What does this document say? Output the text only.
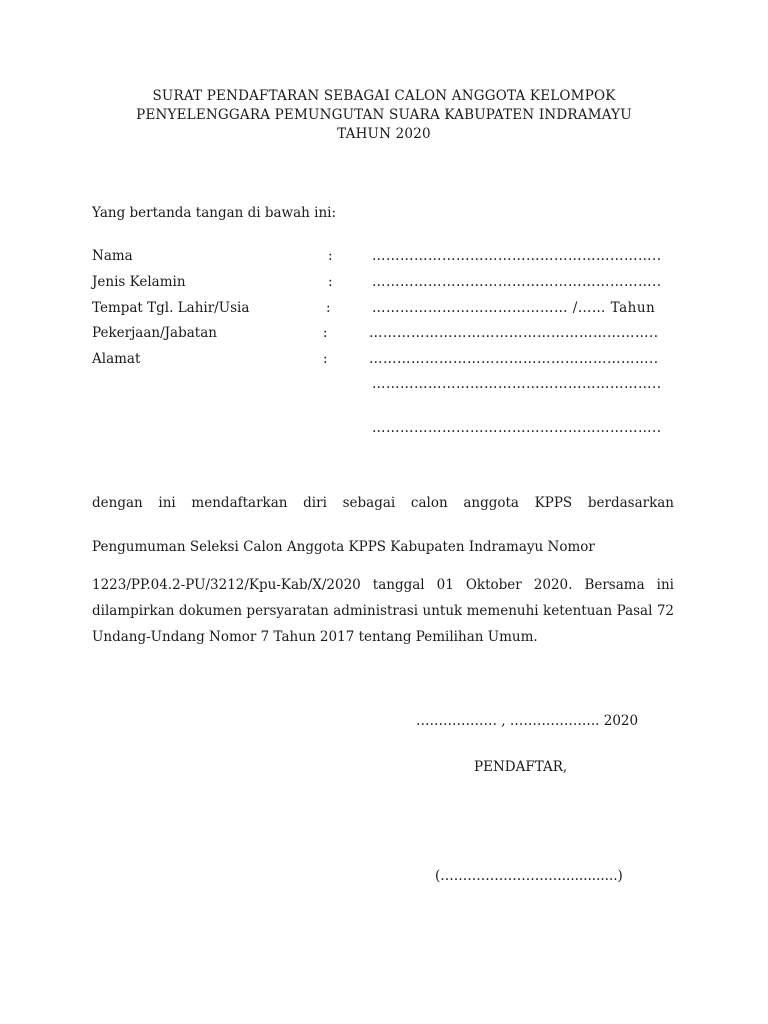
SURAT PENDAFTARAN SEBAGAI CALON ANGGOTA KELOMPOK
PENYELENGGARA PEMUNGUTAN SUARA KABUPATEN INDRAMAYU
TAHUN 2020
Yang bertanda tangan di bawah ini:
Nama	:	……………………………………………………..
Jenis Kelamin	:	……………………………………………………..
Tempat Tgl. Lahir/Usia	:	…………………………………… /…… Tahun
Pekerjaan/Jabatan	:	……………………………………………………..
Alamat	:	……………………………………………………..
……………………………………………………..
……………………………………………………..
dengan ini mendaftarkan diri sebagai calon anggota KPPS berdasarkan
Pengumuman Seleksi Calon Anggota KPPS Kabupaten Indramayu Nomor
1223/PP.04.2-PU/3212/Kpu-Kab/X/2020 tanggal 01 Oktober 2020. Bersama ini dilampirkan dokumen persyaratan administrasi untuk memenuhi ketentuan Pasal 72 Undang-Undang Nomor 7 Tahun 2017 tentang Pemilihan Umum.
……………… , ……………….. 2020
PENDAFTAR,
(……………………….............)
